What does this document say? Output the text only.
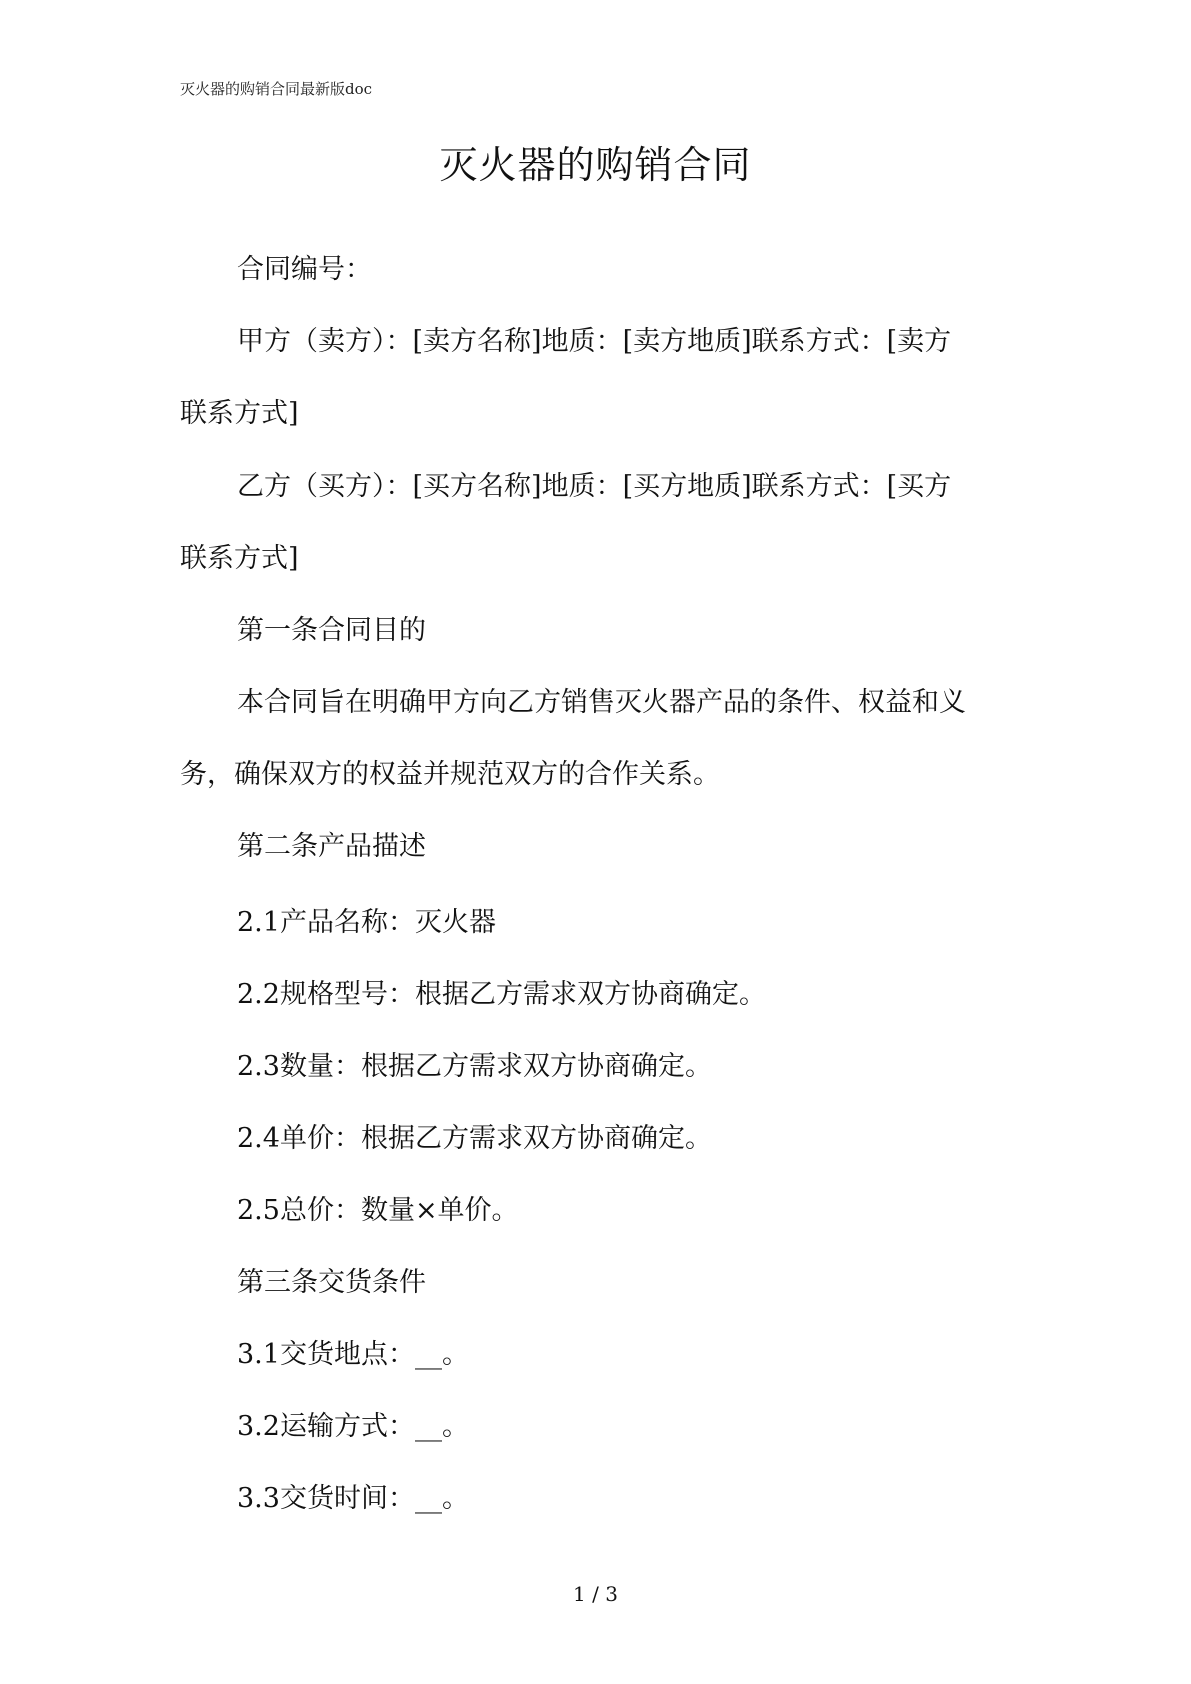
灭火器的购销合同最新版doc
灭火器的购销合同
合同编号：
甲方（卖方）：[卖方名称]地质：[卖方地质]联系方式：[卖方
联系方式]
乙方（买方）：[买方名称]地质：[买方地质]联系方式：[买方
联系方式]
第一条合同目的
本合同旨在明确甲方向乙方销售灭火器产品的条件、权益和义
务，确保双方的权益并规范双方的合作关系。
第二条产品描述
2.1产品名称：灭火器
2.2规格型号：根据乙方需求双方协商确定。
2.3数量：根据乙方需求双方协商确定。
2.4单价：根据乙方需求双方协商确定。
2.5总价：数量×单价。
第三条交货条件
3.1交货地点：__。
3.2运输方式：__。
3.3交货时间：__。
1 / 3
